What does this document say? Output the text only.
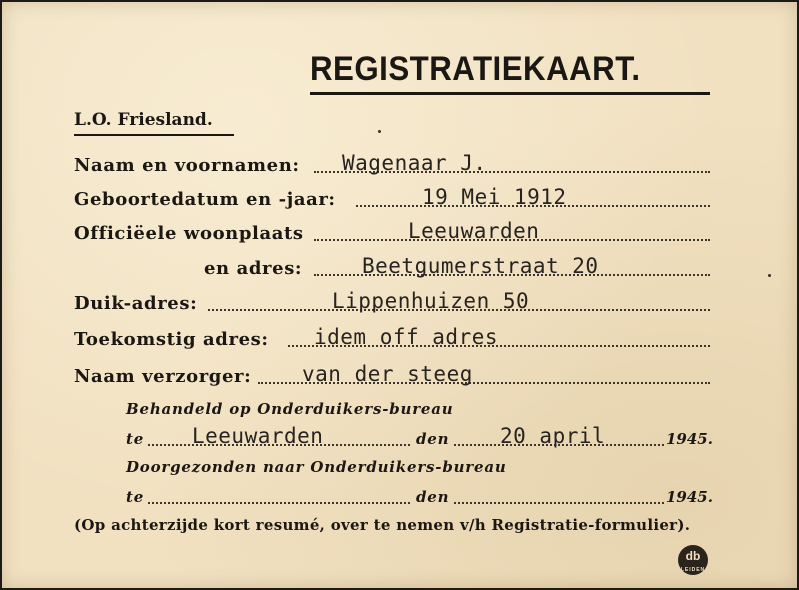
REGISTRATIEKAART.
L.O. Friesland.
Naam en voornamen: Wagenaar J.
Geboortedatum en -jaar:	19 Mei 1912
Officiëele woonplaats	Leeuwarden
en adres:	Beetgumerstraat 20
Duik-adres:	Lippenhuizen 50
Toekomstig adres: idem off adres
Naam verzorger: van der steeg
Behandeld op Onderduikers-bureau
te Leeuwarden	den 20 april	1945.
Doorgezonden naar Onderduikers-bureau
te	den	1945.
(Op achterzijde kort resumé, over te nemen v/h Registratie-formulier).
db
LEIDEN
